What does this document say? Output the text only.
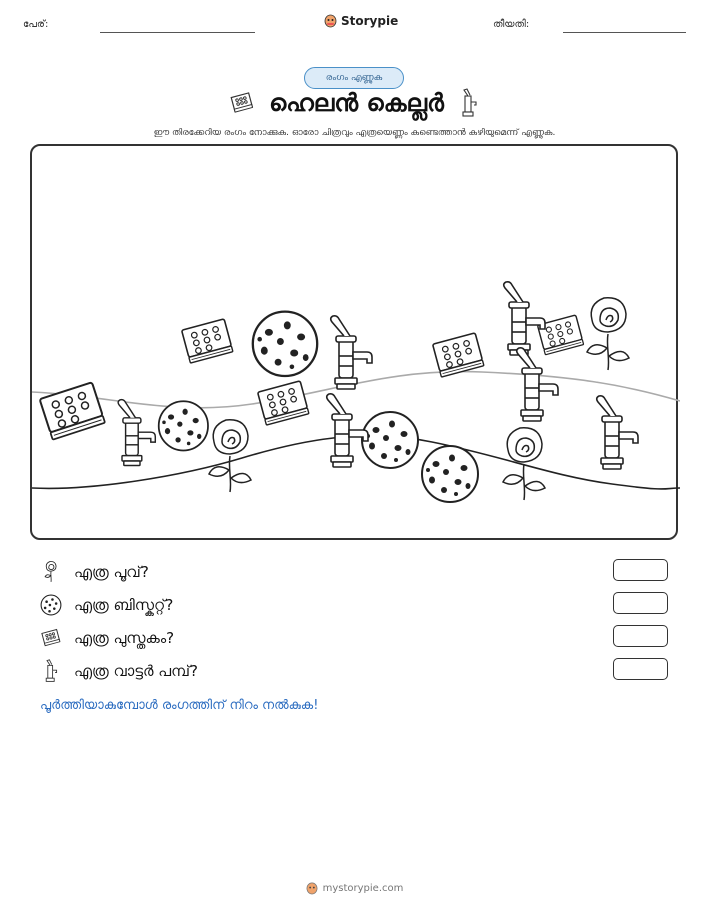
പേര്:	Storypie	തീയതി:
രംഗം എണ്ണുക
ഹെലൻ കെല്ലർ
ഈ തിരക്കേറിയ രംഗം നോക്കുക. ഓരോ ചിത്രവും എത്രയെണ്ണം കണ്ടെത്താൻ കഴിയുമെന്ന് എണ്ണുക.
എത്ര പൂവ്?
എത്ര ബിസ്കറ്റ്?
എത്ര പുസ്തകം?
എത്ര വാട്ടർ പമ്പ്?
പൂർത്തിയാകുമ്പോൾ രംഗത്തിന് നിറം നൽകുക!
mystorypie.com
